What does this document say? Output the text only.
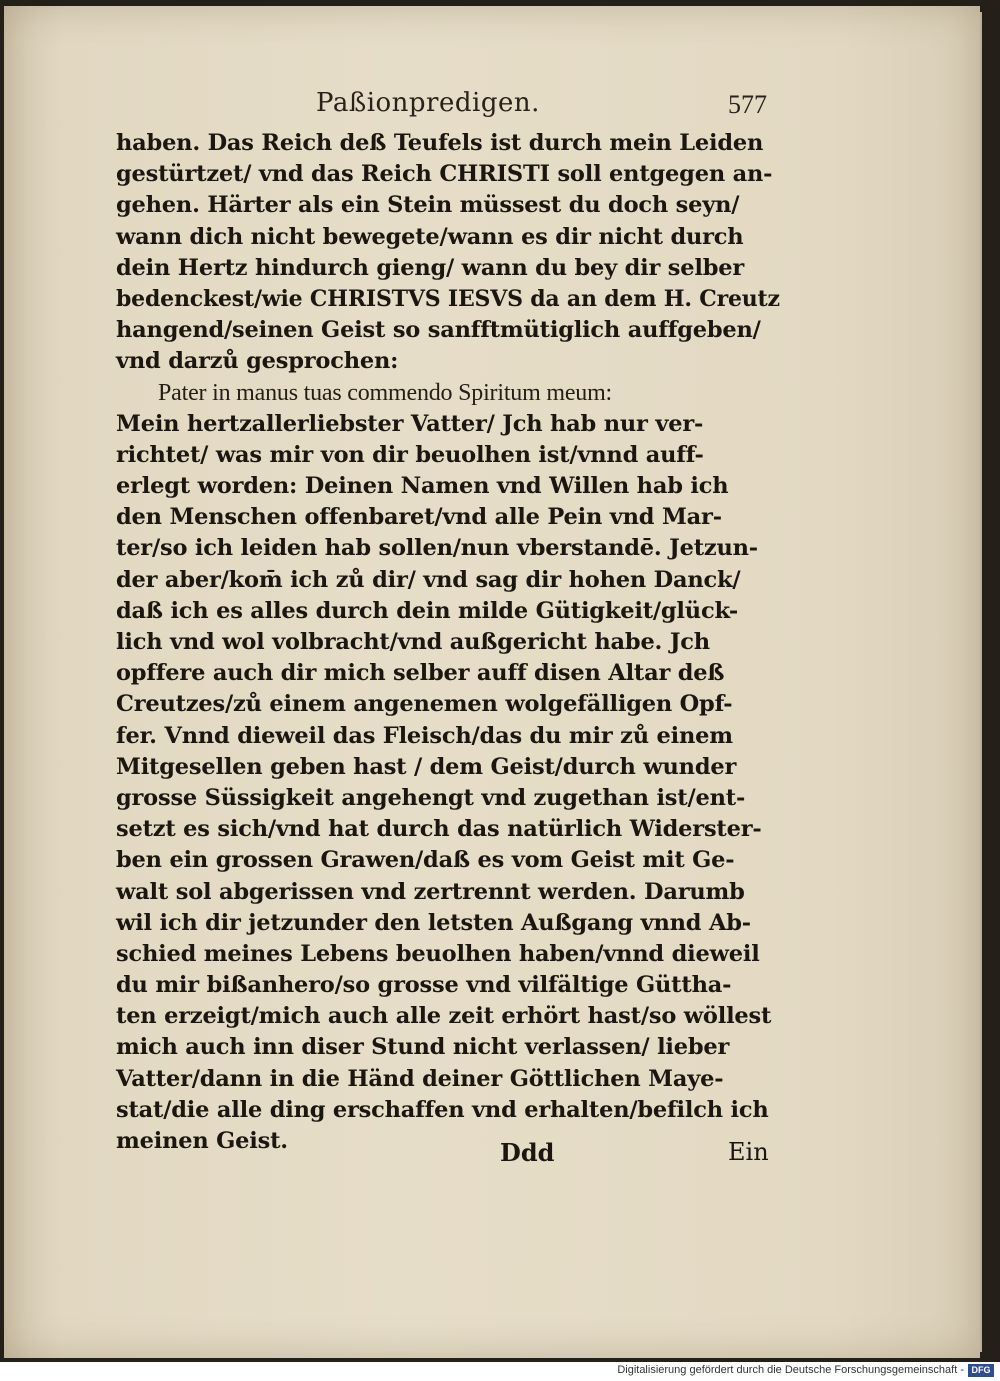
Paßionpredigen.	577
haben. Das Reich deß Teufels ist durch mein Leiden
gestürtzet/ vnd das Reich CHRISTI soll entgegen an-
gehen. Härter als ein Stein müssest du doch seyn/
wann dich nicht bewegete/wann es dir nicht durch
dein Hertz hindurch gieng/ wann du bey dir selber
bedenckest/wie CHRISTVS IESVS da an dem H. Creutz
hangend/seinen Geist so sanfftmütiglich auffgeben/
vnd darzů gesprochen:
Pater in manus tuas commendo Spiritum meum:
Mein hertzallerliebster Vatter/ Jch hab nur ver-
richtet/ was mir von dir beuolhen ist/vnnd auff-
erlegt worden: Deinen Namen vnd Willen hab ich
den Menschen offenbaret/vnd alle Pein vnd Mar-
ter/so ich leiden hab sollen/nun vberstandē. Jetzun-
der aber/kom̄ ich zů dir/ vnd sag dir hohen Danck/
daß ich es alles durch dein milde Gütigkeit/glück-
lich vnd wol volbracht/vnd außgericht habe. Jch
opffere auch dir mich selber auff disen Altar deß
Creutzes/zů einem angenemen wolgefälligen Opf-
fer. Vnnd dieweil das Fleisch/das du mir zů einem
Mitgesellen geben hast / dem Geist/durch wunder
grosse Süssigkeit angehengt vnd zugethan ist/ent-
setzt es sich/vnd hat durch das natürlich Widerster-
ben ein grossen Grawen/daß es vom Geist mit Ge-
walt sol abgerissen vnd zertrennt werden. Darumb
wil ich dir jetzunder den letsten Außgang vnnd Ab-
schied meines Lebens beuolhen haben/vnnd dieweil
du mir bißanhero/so grosse vnd vilfältige Güttha-
ten erzeigt/mich auch alle zeit erhört hast/so wöllest
mich auch inn diser Stund nicht verlassen/ lieber
Vatter/dann in die Händ deiner Göttlichen Maye-
stat/die alle ding erschaffen vnd erhalten/befilch ich
meinen Geist.	Ddd	Ein
Digitalisierung gefördert durch die Deutsche Forschungsgemeinschaft - DFG
